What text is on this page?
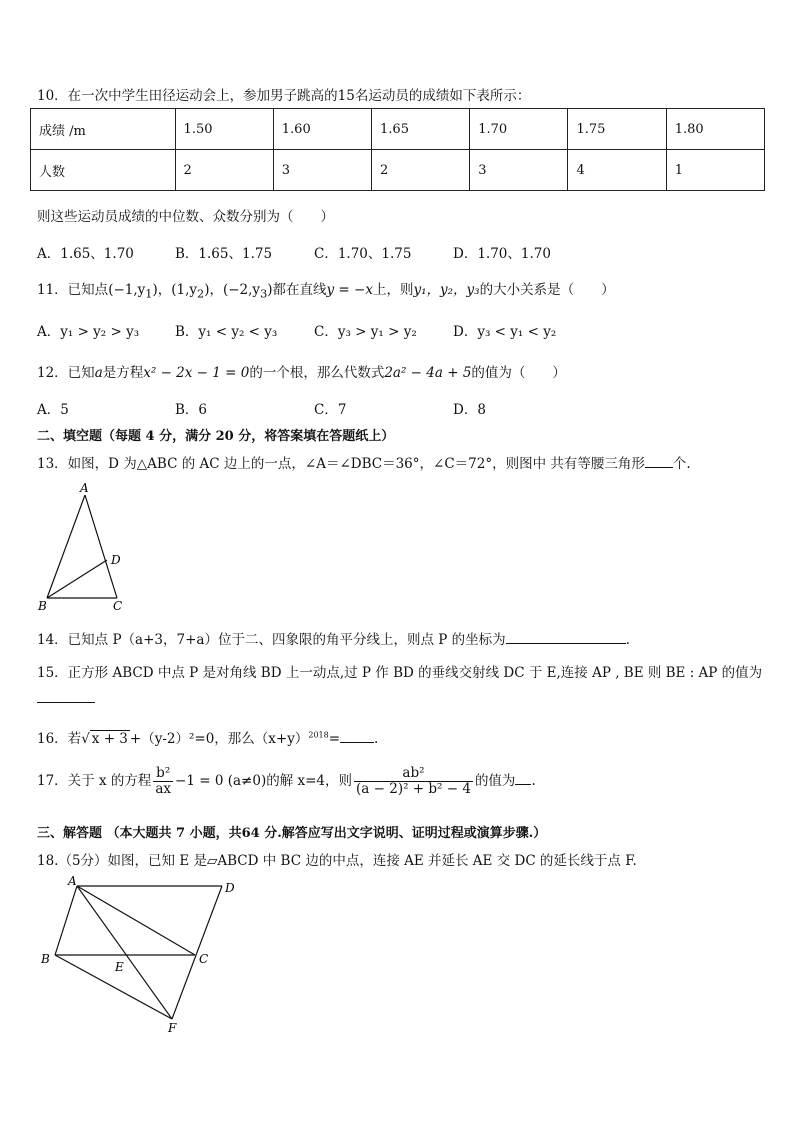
10．在一次中学生田径运动会上，参加男子跳高的15名运动员的成绩如下表所示：
成绩 /m	1.50	1.60	1.65	1.70	1.75	1.80
人数	2	3	2	3	4	1
则这些运动员成绩的中位数、众数分别为（　　）
A．1.65、1.70	B．1.65、1.75	C．1.70、1.75	D．1.70、1.70
11．已知点$(-1,y_1)$，$(1,y_2)$，$(-2,y_3)$都在直线y = −x上，则y₁，y₂，y₃的大小关系是（　　）
A．y₁ > y₂ > y₃	B．y₁ < y₂ < y₃	C．y₃ > y₁ > y₂	D．y₃ < y₁ < y₂
12．已知a是方程x² − 2x − 1 = 0的一个根，那么代数式2a² − 4a + 5的值为（　　）
A．5	B．6	C．7	D．8
二、填空题（每题 4 分，满分 20 分，将答案填在答题纸上）
13．如图，D 为△ABC 的 AC 边上的一点，∠A＝∠DBC＝36°，∠C＝72°，则图中 共有等腰三角形 个.
A
B	C
D
14．已知点 P（a+3，7+a）位于二、四象限的角平分线上，则点 P 的坐标为	.
15．正方形 ABCD 中点 P 是对角线 BD 上一动点,过 P 作 BD 的垂线交射线 DC 于 E,连接 AP , BE 则 BE : AP 的值为
16．若√ x + 3 +（y-2）²=0，那么$(x+y)^{2018}=$	.
17．关于 x 的方程 $\frac{\text{b²}}{ax} -1 = 0$ (a≠0)的解 x=4，则 $\frac{\text{ab²}}{\text{(a − 2)² + b² − 4}}$ 的值为 .
三、解答题 （本大题共 7 小题，共64 分.解答应写出文字说明、证明过程或演算步骤.）
18.（5分）如图，已知 E 是▱ABCD 中 BC 边的中点，连接 AE 并延长 AE 交 DC 的延长线于点 F.
A	D
B
E
C
F
